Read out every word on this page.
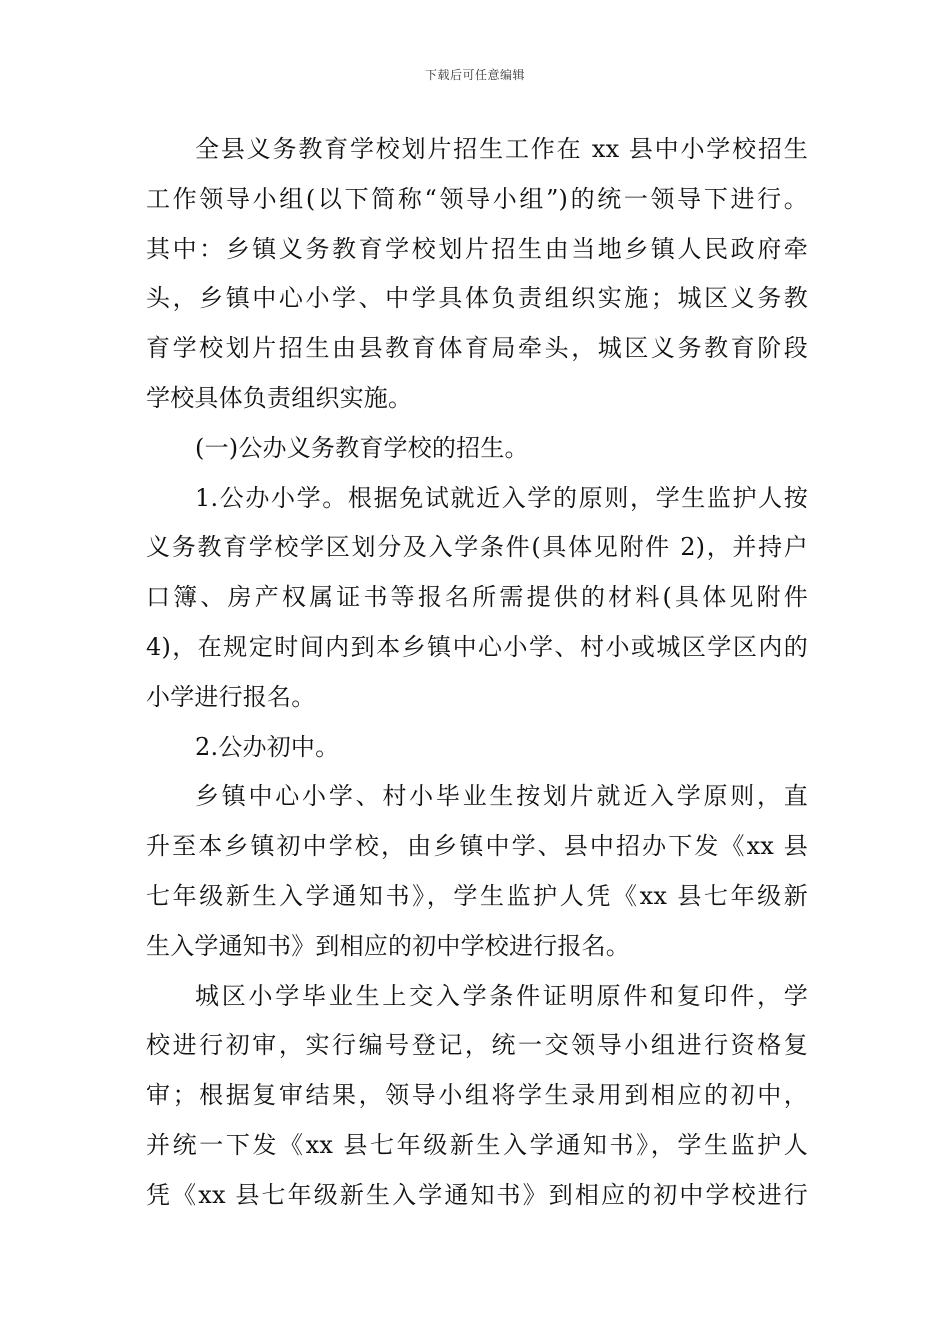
下载后可任意编辑
全县义务教育学校划片招生工作在 xx 县中小学校招生
工作领导小组(以下简称“领导小组”)的统一领导下进行。
其中：乡镇义务教育学校划片招生由当地乡镇人民政府牵
头，乡镇中心小学、中学具体负责组织实施；城区义务教
育学校划片招生由县教育体育局牵头，城区义务教育阶段
学校具体负责组织实施。
(一)公办义务教育学校的招生。
1.公办小学。根据免试就近入学的原则，学生监护人按
义务教育学校学区划分及入学条件(具体见附件 2)，并持户
口簿、房产权属证书等报名所需提供的材料(具体见附件
4)，在规定时间内到本乡镇中心小学、村小或城区学区内的
小学进行报名。
2.公办初中。
乡镇中心小学、村小毕业生按划片就近入学原则，直
升至本乡镇初中学校，由乡镇中学、县中招办下发《xx 县
七年级新生入学通知书》，学生监护人凭《xx 县七年级新
生入学通知书》到相应的初中学校进行报名。
城区小学毕业生上交入学条件证明原件和复印件，学
校进行初审，实行编号登记，统一交领导小组进行资格复
审；根据复审结果，领导小组将学生录用到相应的初中，
并统一下发《xx 县七年级新生入学通知书》，学生监护人
凭《xx 县七年级新生入学通知书》到相应的初中学校进行
